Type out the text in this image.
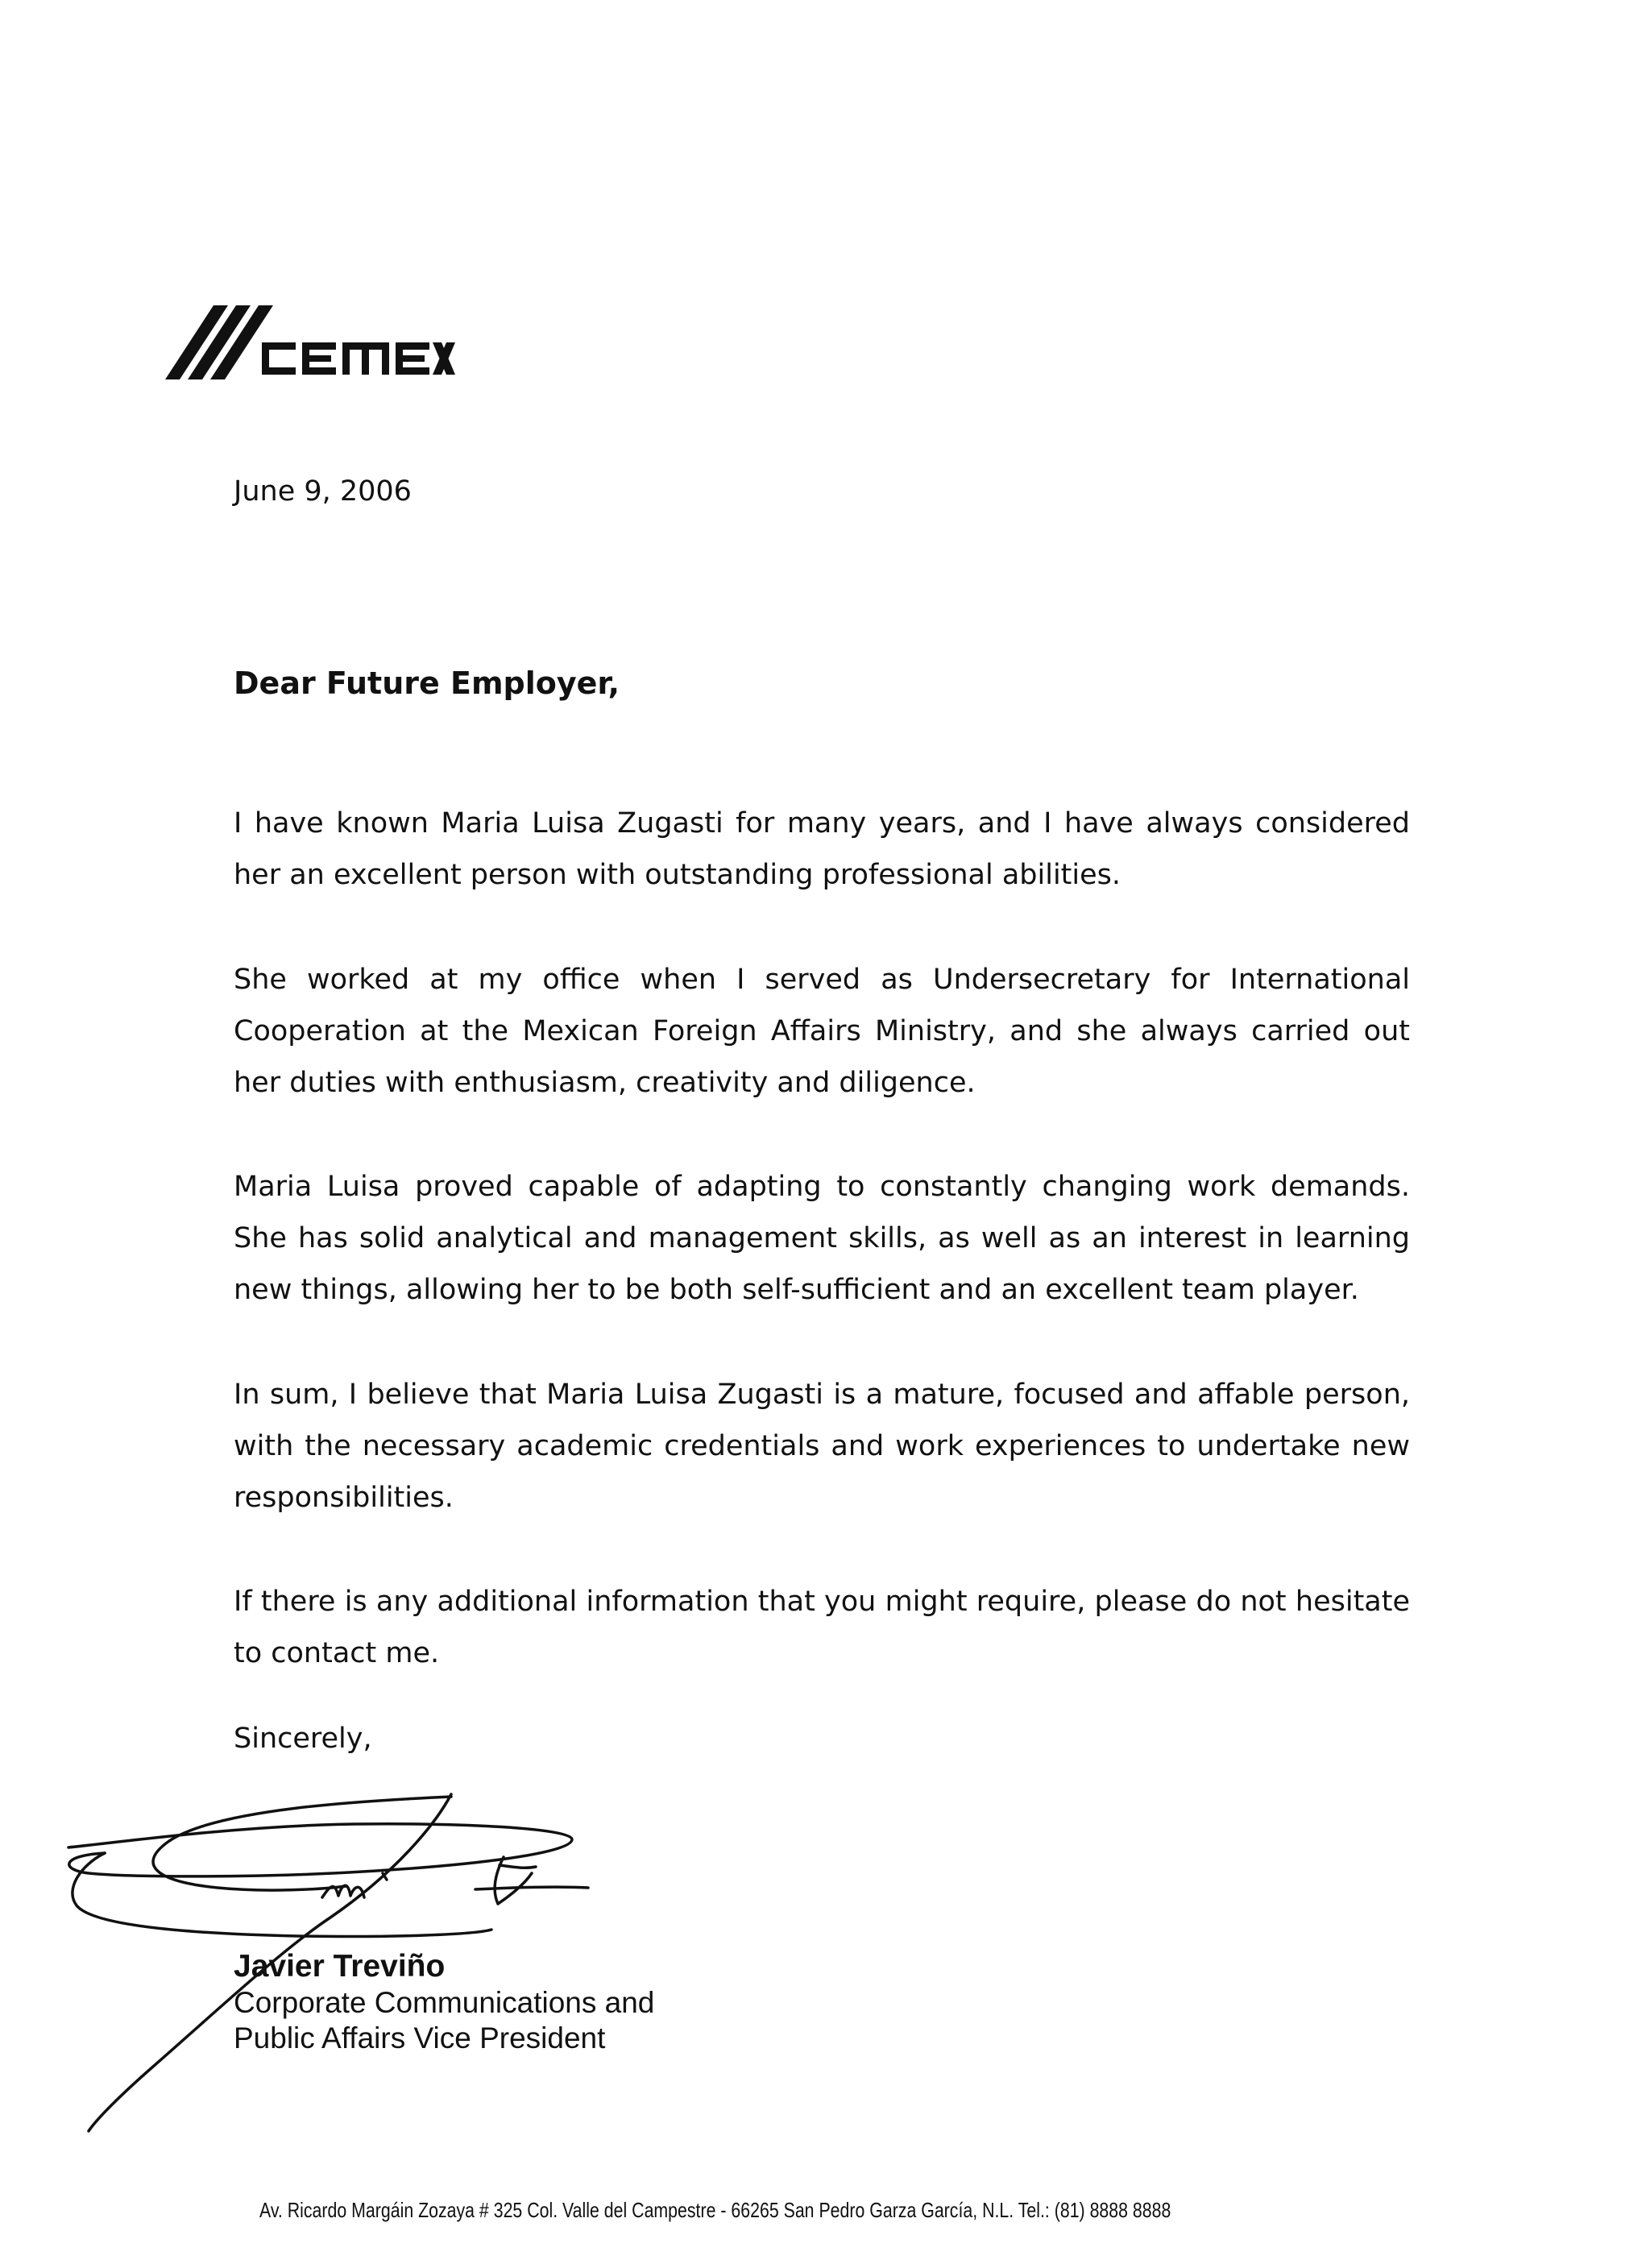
June 9, 2006
Dear Future Employer,

I have known Maria Luisa Zugasti for many years, and I have always considered her an excellent person with outstanding professional abilities.

She worked at my office when I served as Undersecretary for International Cooperation at the Mexican Foreign Affairs Ministry, and she always carried out her duties with enthusiasm, creativity and diligence.

Maria Luisa proved capable of adapting to constantly changing work demands. She has solid analytical and management skills, as well as an interest in learning new things, allowing her to be both self-sufficient and an excellent team player.

In sum, I believe that Maria Luisa Zugasti is a mature, focused and affable person, with the necessary academic credentials and work experiences to undertake new responsibilities.

If there is any additional information that you might require, please do not hesitate to contact me.

Sincerely,
Javier Treviño
Corporate Communications and
Public Affairs Vice President
Av. Ricardo Margáin Zozaya # 325 Col. Valle del Campestre - 66265 San Pedro Garza García, N.L. Tel.: (81) 8888 8888
